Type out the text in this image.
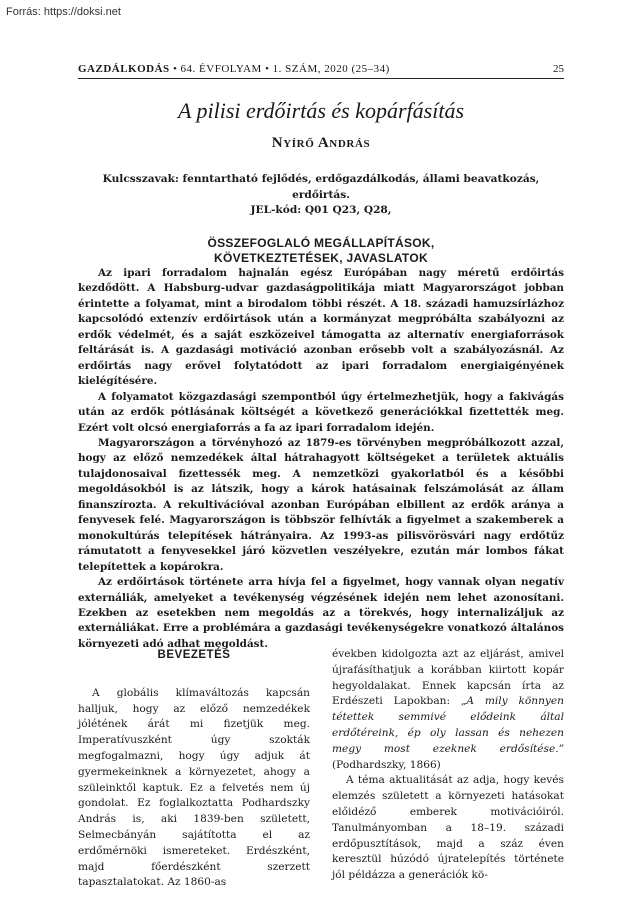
Forrás: https://doksi.net
GAZDÁLKODÁS • 64. ÉVFOLYAM • 1. SZÁM, 2020 (25–34)	25
A pilisi erdőirtás és kopárfásítás
Nyírő András
Kulcsszavak: fenntartható fejlődés, erdőgazdálkodás, állami beavatkozás, erdőirtás.
JEL-kód: Q01 Q23, Q28,
ÖSSZEFOGLALÓ MEGÁLLAPÍTÁSOK,
KÖVETKEZTETÉSEK, JAVASLATOK

Az ipari forradalom hajnalán egész Európában nagy méretű erdőirtás kezdődött. A Habsburg-udvar gazdaságpolitikája miatt Magyarországot jobban érintette a folyamat, mint a birodalom többi részét. A 18. századi hamuzsírlázhoz kapcsolódó extenzív erdőirtások után a kormányzat megpróbálta szabályozni az erdők védelmét, és a saját eszközeivel támogatta az alternatív energiaforrások feltárását is. A gazdasági motiváció azonban erősebb volt a szabályozásnál. Az erdőirtás nagy erővel folytatódott az ipari forradalom energiaigényének kielégítésére.

A folyamatot közgazdasági szempontból úgy értelmezhetjük, hogy a fakivágás után az erdők pótlásának költségét a következő generációkkal fizettették meg. Ezért volt olcsó energiaforrás a fa az ipari forradalom idején.

Magyarországon a törvényhozó az 1879-es törvényben megpróbálkozott azzal, hogy az előző nemzedékek által hátrahagyott költségeket a területek aktuális tulajdonosaival fizettessék meg. A nemzetközi gyakorlatból és a későbbi megoldásokból is az látszik, hogy a károk hatásainak felszámolását az állam finanszírozta. A rekultivációval azonban Európában elbillent az erdők aránya a fenyvesek felé. Magyarországon is többször felhívták a figyelmet a szakemberek a monokultúrás telepítések hátrányaira. Az 1993-as pilisvörösvári nagy erdőtűz rámutatott a fenyvesekkel járó közvetlen veszélyekre, ezután már lombos fákat telepítettek a kopárokra.

Az erdőirtások története arra hívja fel a figyelmet, hogy vannak olyan negatív externáliák, amelyeket a tevékenység végzésének idején nem lehet azonosítani. Ezekben az esetekben nem megoldás az a törekvés, hogy internalizáljuk az externáliákat. Erre a problémára a gazdasági tevékenységekre vonatkozó általános környezeti adó adhat megoldást.

BEVEZETÉS

A globális klímaváltozás kapcsán halljuk, hogy az előző nemzedékek jólétének árát mi fizetjük meg. Imperatívuszként úgy szokták megfogalmazni, hogy úgy adjuk át gyermekeinknek a környezetet, ahogy a szüleinktől kaptuk. Ez a felvetés nem új gondolat. Ez foglalkoztatta Podhardszky András is, aki 1839-ben született, Selmecbányán sajátította el az erdőmérnöki ismereteket. Erdészként, majd főerdészként szerzett tapasztalatokat. Az 1860-as

években kidolgozta azt az eljárást, amivel újrafásíthatjuk a korábban kiirtott kopár hegyoldalakat. Ennek kapcsán írta az Erdészeti Lapokban: „A mily könnyen tétettek semmivé elődeink által erdőtéreink, ép oly lassan és nehezen megy most ezeknek erdősítése.” (Podhardszky, 1866)

A téma aktualitását az adja, hogy kevés elemzés született a környezeti hatásokat előidéző emberek motivációiról. Tanulmányomban a 18–19. századi erdőpusztítások, majd a száz éven keresztül húzódó újratelepítés története jól példázza a generációk kö-
